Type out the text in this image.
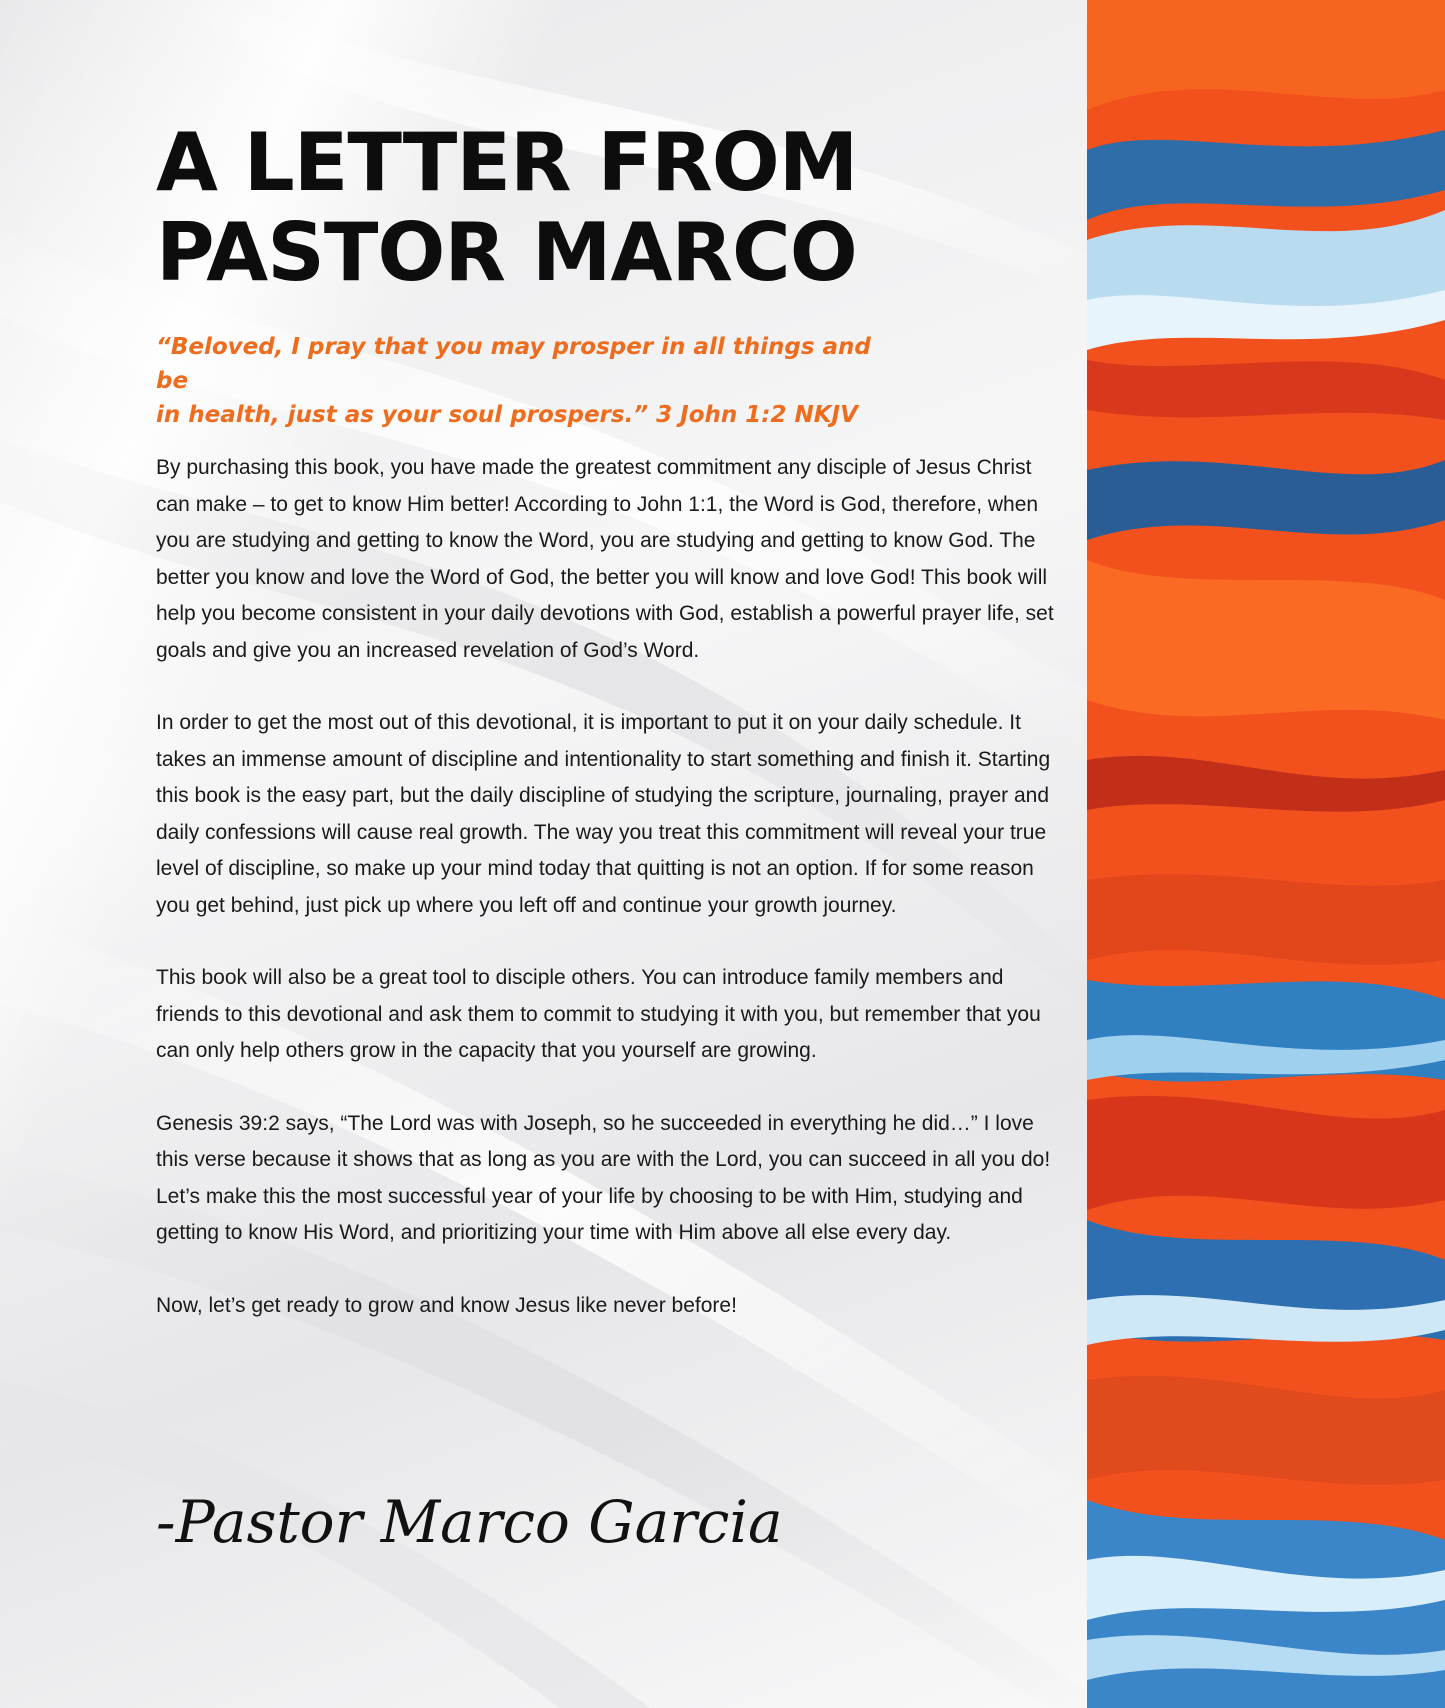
A LETTER FROM
PASTOR MARCO

“Beloved, I pray that you may prosper in all things and be
in health, just as your soul prospers.” 3 John 1:2 NKJV

By purchasing this book, you have made the greatest commitment any disciple of Jesus Christ can make – to get to know Him better! According to John 1:1, the Word is God, therefore, when you are studying and getting to know the Word, you are studying and getting to know God. The better you know and love the Word of God, the better you will know and love God! This book will help you become consistent in your daily devotions with God, establish a powerful prayer life, set goals and give you an increased revelation of God’s Word.

In order to get the most out of this devotional, it is important to put it on your daily schedule. It takes an immense amount of discipline and intentionality to start something and finish it. Starting this book is the easy part, but the daily discipline of studying the scripture, journaling, prayer and daily confessions will cause real growth. The way you treat this commitment will reveal your true level of discipline, so make up your mind today that quitting is not an option. If for some reason you get behind, just pick up where you left off and continue your growth journey.

This book will also be a great tool to disciple others. You can introduce family members and friends to this devotional and ask them to commit to studying it with you, but remember that you can only help others grow in the capacity that you yourself are growing.

Genesis 39:2 says, “The Lord was with Joseph, so he succeeded in everything he did…” I love this verse because it shows that as long as you are with the Lord, you can succeed in all you do! Let’s make this the most successful year of your life by choosing to be with Him, studying and getting to know His Word, and prioritizing your time with Him above all else every day.

Now, let’s get ready to grow and know Jesus like never before!

-Pastor Marco Garcia
